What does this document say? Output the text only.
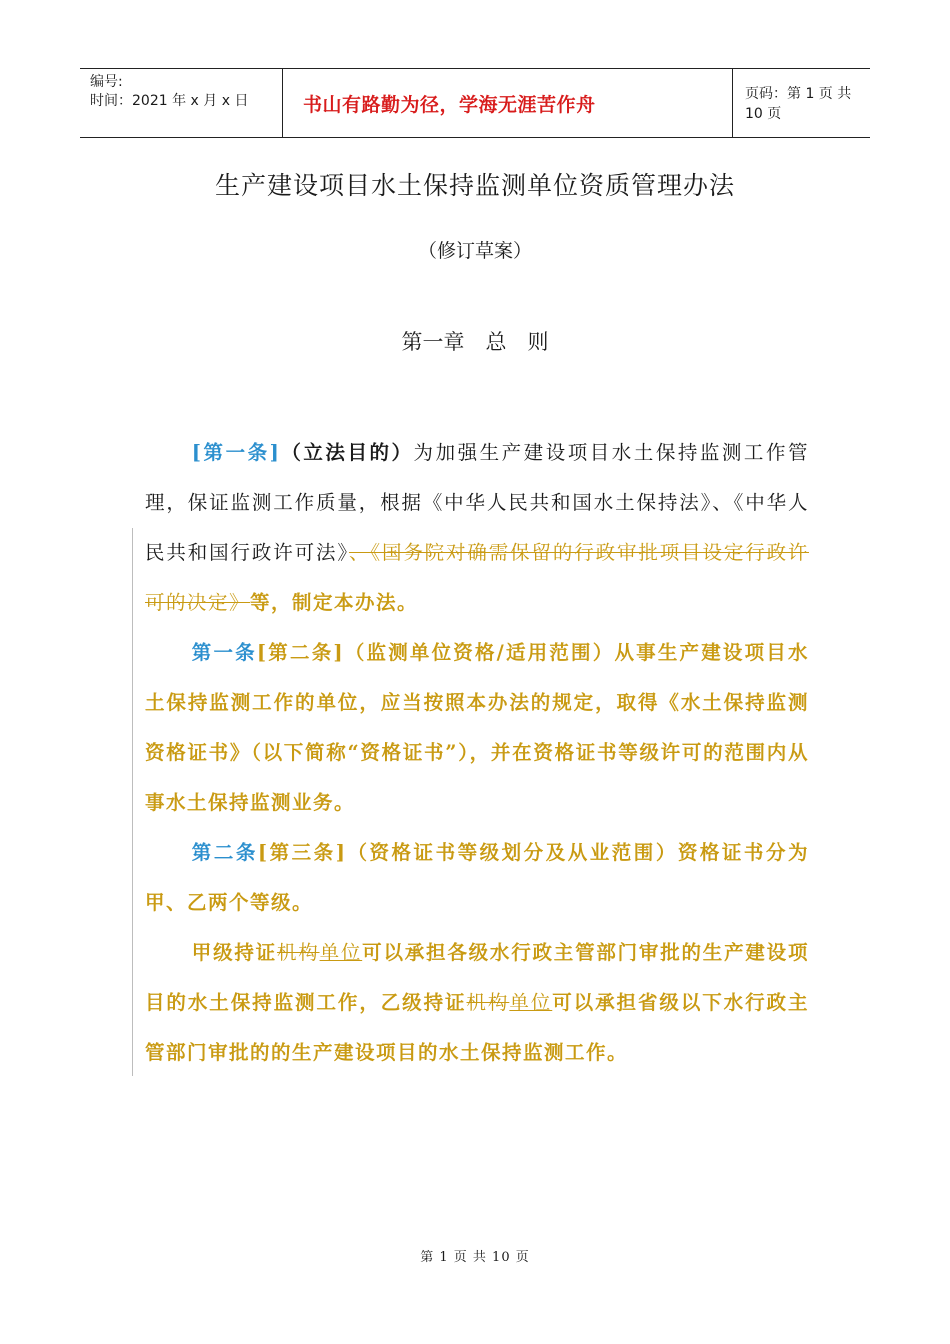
编号:
时间：2021 年 x 月 x 日	书山有路勤为径，学海无涯苦作舟	页码：第 1 页 共 10 页
生产建设项目水土保持监测单位资质管理办法
（修订草案）
第一章　总　则

[第一条]（立法目的）为加强生产建设项目水土保持监测工作管理，保证监测工作质量，根据《中华人民共和国水土保持法》、《中华人民共和国行政许可法》、《国务院对确需保留的行政审批项目设定行政许可的决定》等，制定本办法。

第一条[第二条]（监测单位资格/适用范围）从事生产建设项目水土保持监测工作的单位，应当按照本办法的规定，取得《水土保持监测资格证书》（以下简称“资格证书”），并在资格证书等级许可的范围内从事水土保持监测业务。

第二条[第三条]（资格证书等级划分及从业范围）资格证书分为甲、乙两个等级。

甲级持证机构单位可以承担各级水行政主管部门审批的生产建设项目的水土保持监测工作，乙级持证机构单位可以承担省级以下水行政主管部门审批的的生产建设项目的水土保持监测工作。

第 1 页 共 10 页
